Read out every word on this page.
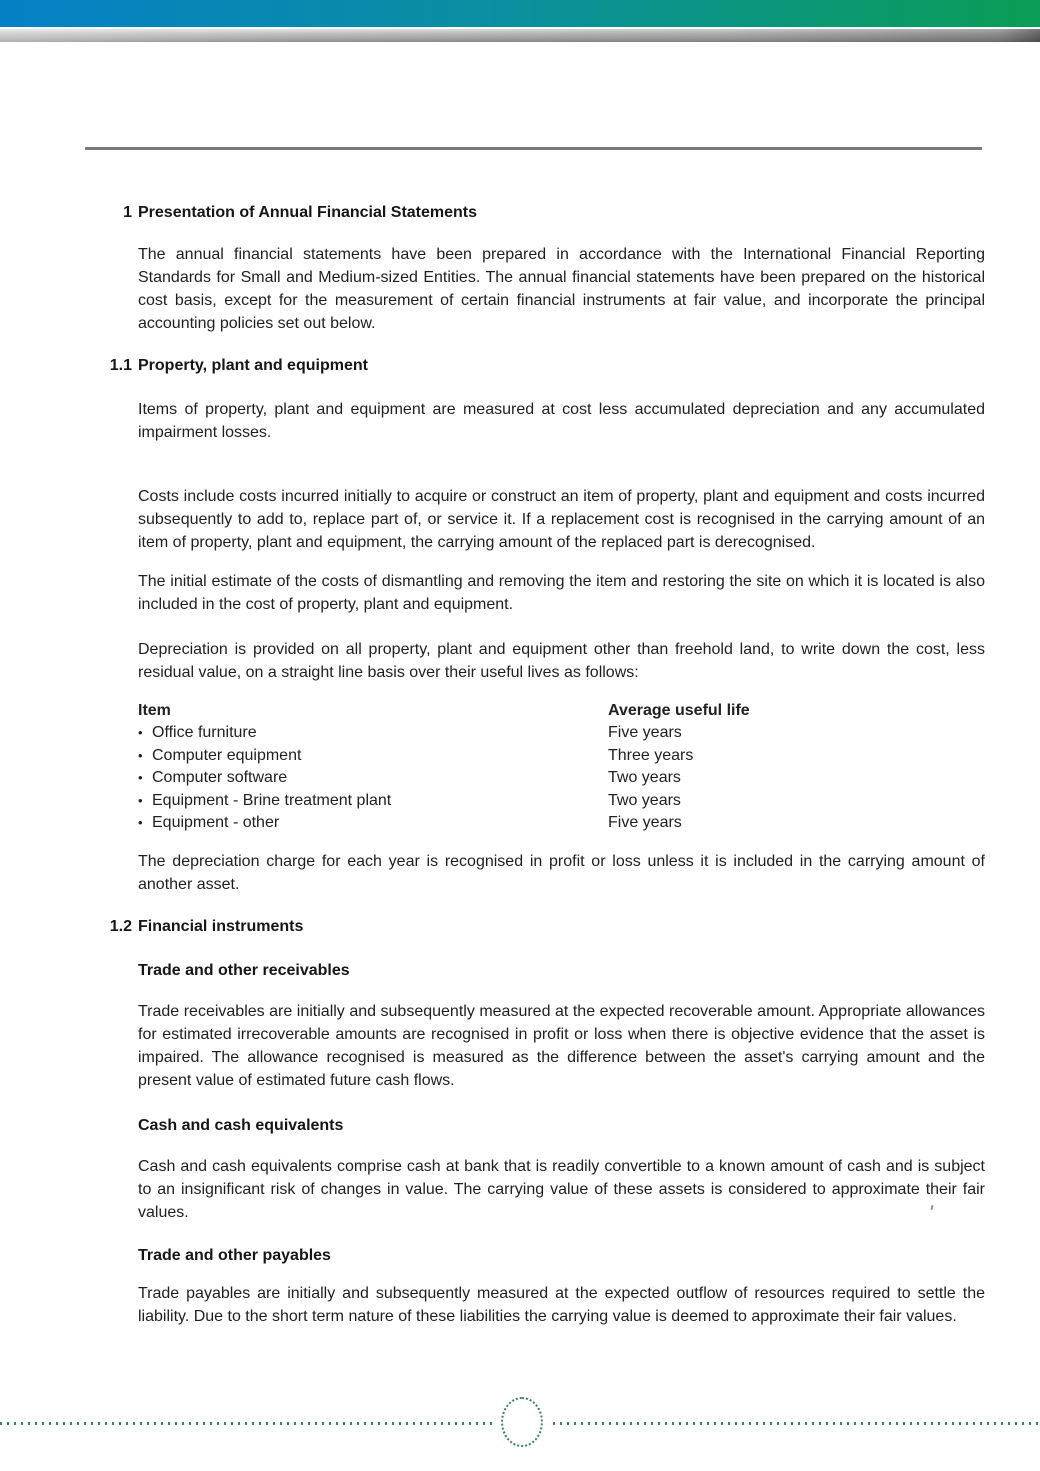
1 Presentation of Annual Financial Statements

The annual financial statements have been prepared in accordance with the International Financial Reporting Standards for Small and Medium-sized Entities. The annual financial statements have been prepared on the historical cost basis, except for the measurement of certain financial instruments at fair value, and incorporate the principal accounting policies set out below.

1.1 Property, plant and equipment

Items of property, plant and equipment are measured at cost less accumulated depreciation and any accumulated impairment losses.

Costs include costs incurred initially to acquire or construct an item of property, plant and equipment and costs incurred subsequently to add to, replace part of, or service it. If a replacement cost is recognised in the carrying amount of an item of property, plant and equipment, the carrying amount of the replaced part is derecognised.

The initial estimate of the costs of dismantling and removing the item and restoring the site on which it is located is also included in the cost of property, plant and equipment.

Depreciation is provided on all property, plant and equipment other than freehold land, to write down the cost, less residual value, on a straight line basis over their useful lives as follows:

Item	Average useful life
• Office furniture	Five years
• Computer equipment	Three years
• Computer software	Two years
• Equipment - Brine treatment plant	Two years
• Equipment - other	Five years

The depreciation charge for each year is recognised in profit or loss unless it is included in the carrying amount of another asset.

1.2 Financial instruments
Trade and other receivables

Trade receivables are initially and subsequently measured at the expected recoverable amount. Appropriate allowances for estimated irrecoverable amounts are recognised in profit or loss when there is objective evidence that the asset is impaired. The allowance recognised is measured as the difference between the asset's carrying amount and the present value of estimated future cash flows.

Cash and cash equivalents

Cash and cash equivalents comprise cash at bank that is readily convertible to a known amount of cash and is subject to an insignificant risk of changes in value. The carrying value of these assets is considered to approximate their fair values.

Trade and other payables

Trade payables are initially and subsequently measured at the expected outflow of resources required to settle the liability. Due to the short term nature of these liabilities the carrying value is deemed to approximate their fair values.
